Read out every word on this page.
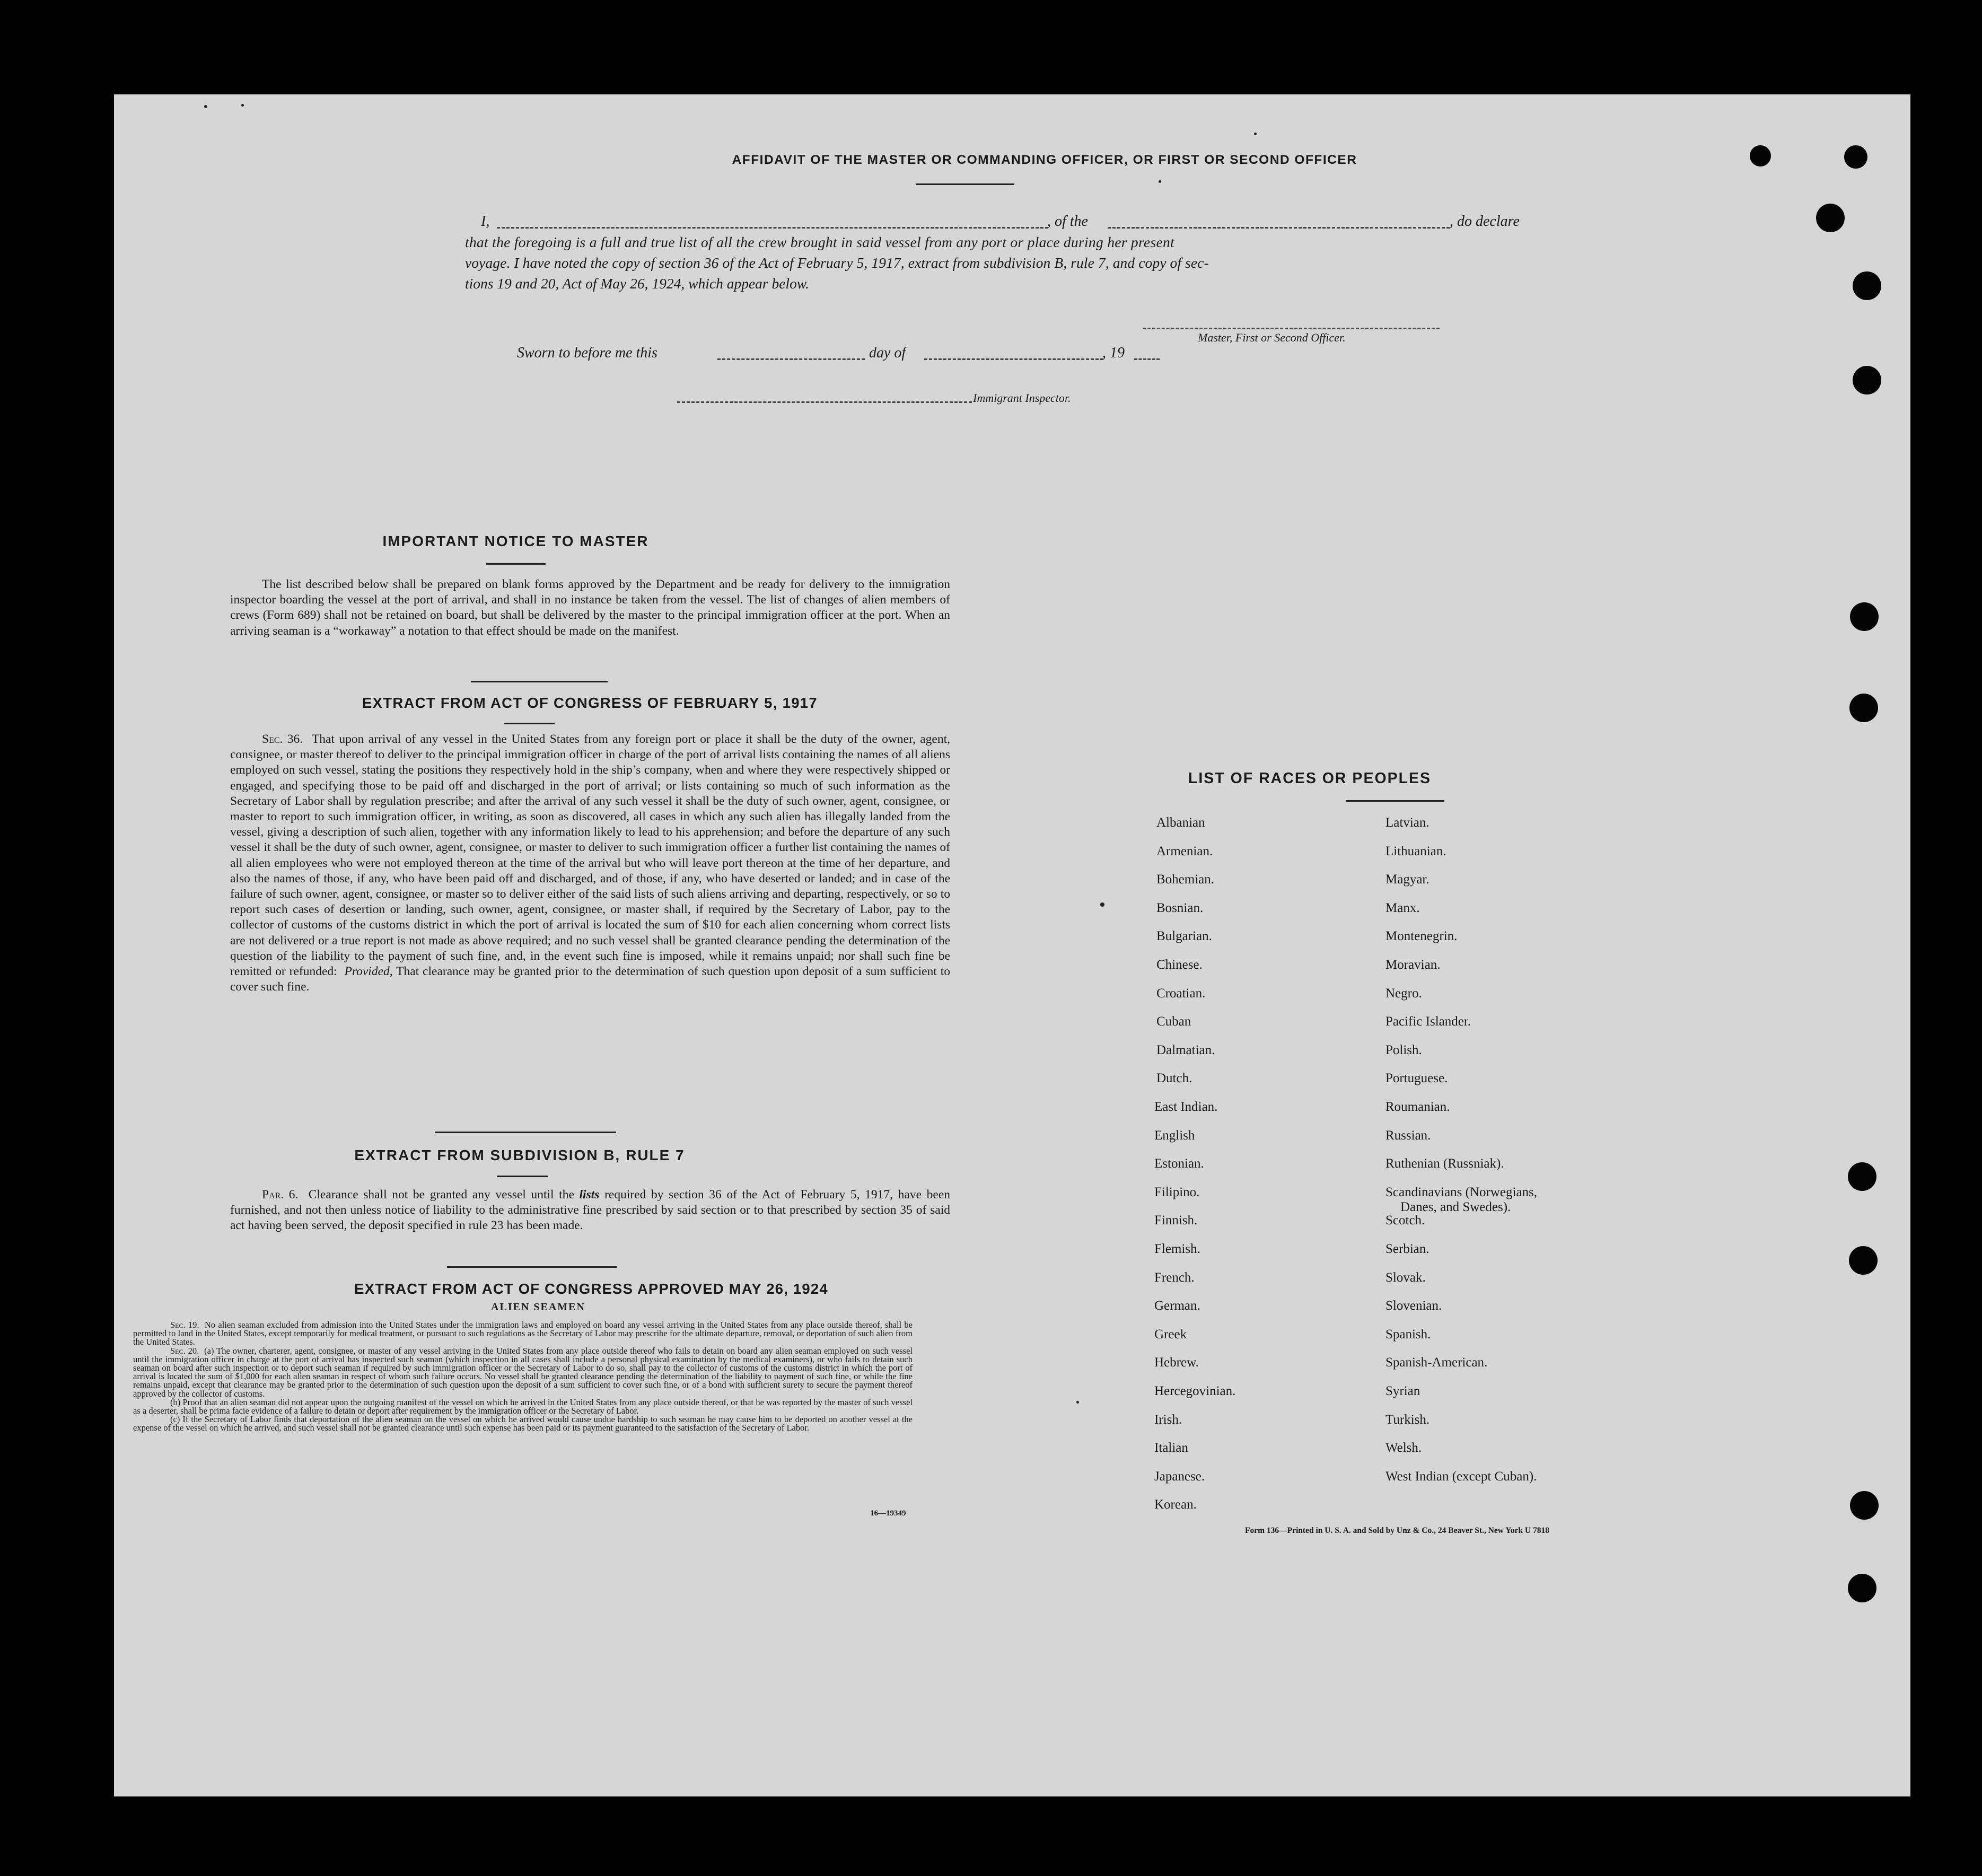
AFFIDAVIT OF THE MASTER OR COMMANDING OFFICER, OR FIRST OR SECOND OFFICER
I,	, of the	, do declare
that the foregoing is a full and true list of all the crew brought in said vessel from any port or place during her present
voyage. I have noted the copy of section 36 of the Act of February 5, 1917, extract from subdivision B, rule 7, and copy of sec-
tions 19 and 20, Act of May 26, 1924, which appear below.
Master, First or Second Officer.
Sworn to before me this	day of	, 19
Immigrant Inspector.
IMPORTANT NOTICE TO MASTER

The list described below shall be prepared on blank forms approved by the Department and be ready for delivery to the immigration inspector boarding the vessel at the port of arrival, and shall in no instance be taken from the vessel. The list of changes of alien members of crews (Form 689) shall not be retained on board, but shall be delivered by the master to the principal immigration officer at the port. When an arriving seaman is a “workaway” a notation to that effect should be made on the manifest.

EXTRACT FROM ACT OF CONGRESS OF FEBRUARY 5, 1917

Sec. 36. That upon arrival of any vessel in the United States from any foreign port or place it shall be the duty of the owner, agent, consignee, or master thereof to deliver to the principal immigration officer in charge of the port of arrival lists containing the names of all aliens employed on such vessel, stating the positions they respectively hold in the ship’s company, when and where they were respectively shipped or engaged, and specifying those to be paid off and discharged in the port of arrival; or lists containing so much of such information as the Secretary of Labor shall by regulation prescribe; and after the arrival of any such vessel it shall be the duty of such owner, agent, consignee, or master to report to such immigration officer, in writing, as soon as discovered, all cases in which any such alien has illegally landed from the vessel, giving a description of such alien, together with any information likely to lead to his apprehension; and before the departure of any such vessel it shall be the duty of such owner, agent, consignee, or master to deliver to such immigration officer a further list containing the names of all alien employees who were not employed thereon at the time of the arrival but who will leave port thereon at the time of her departure, and also the names of those, if any, who have been paid off and discharged, and of those, if any, who have deserted or landed; and in case of the failure of such owner, agent, consignee, or master so to deliver either of the said lists of such aliens arriving and departing, respectively, or so to report such cases of desertion or landing, such owner, agent, consignee, or master shall, if required by the Secretary of Labor, pay to the collector of customs of the customs district in which the port of arrival is located the sum of $10 for each alien concerning whom correct lists are not delivered or a true report is not made as above required; and no such vessel shall be granted clearance pending the determination of the question of the liability to the payment of such fine, and, in the event such fine is imposed, while it remains unpaid; nor shall such fine be remitted or refunded: Provided, That clearance may be granted prior to the determination of such question upon deposit of a sum sufficient to cover such fine.

EXTRACT FROM SUBDIVISION B, RULE 7

Par. 6. Clearance shall not be granted any vessel until the lists required by section 36 of the Act of February 5, 1917, have been furnished, and not then unless notice of liability to the administrative fine prescribed by said section or to that prescribed by section 35 of said act having been served, the deposit specified in rule 23 has been made.

EXTRACT FROM ACT OF CONGRESS APPROVED MAY 26, 1924
ALIEN SEAMEN

Sec. 19. No alien seaman excluded from admission into the United States under the immigration laws and employed on board any vessel arriving in the United States from any place outside thereof, shall be permitted to land in the United States, except temporarily for medical treatment, or pursuant to such regulations as the Secretary of Labor may prescribe for the ultimate departure, removal, or deportation of such alien from the United States.

Sec. 20. (a) The owner, charterer, agent, consignee, or master of any vessel arriving in the United States from any place outside thereof who fails to detain on board any alien seaman employed on such vessel until the immigration officer in charge at the port of arrival has inspected such seaman (which inspection in all cases shall include a personal physical examination by the medical examiners), or who fails to detain such seaman on board after such inspection or to deport such seaman if required by such immigration officer or the Secretary of Labor to do so, shall pay to the collector of customs of the customs district in which the port of arrival is located the sum of $1,000 for each alien seaman in respect of whom such failure occurs. No vessel shall be granted clearance pending the determination of the liability to payment of such fine, or while the fine remains unpaid, except that clearance may be granted prior to the determination of such question upon the deposit of a sum sufficient to cover such fine, or of a bond with sufficient surety to secure the payment thereof approved by the collector of customs.

(b) Proof that an alien seaman did not appear upon the outgoing manifest of the vessel on which he arrived in the United States from any place outside thereof, or that he was reported by the master of such vessel as a deserter, shall be prima facie evidence of a failure to detain or deport after requirement by the immigration officer or the Secretary of Labor.

(c) If the Secretary of Labor finds that deportation of the alien seaman on the vessel on which he arrived would cause undue hardship to such seaman he may cause him to be deported on another vessel at the expense of the vessel on which he arrived, and such vessel shall not be granted clearance until such expense has been paid or its payment guaranteed to the satisfaction of the Secretary of Labor.

16—19349
LIST OF RACES OR PEOPLES
Albanian
Armenian.
Bohemian.
Bosnian.
Bulgarian.
Chinese.
Croatian.
Cuban
Dalmatian.
Dutch.
East Indian.
English
Estonian.
Filipino.
Finnish.
Flemish.
French.
German.
Greek
Hebrew.
Hercegovinian.
Irish.
Italian
Japanese.
Korean.
Latvian.
Lithuanian.
Magyar.
Manx.
Montenegrin.
Moravian.
Negro.
Pacific Islander.
Polish.
Portuguese.
Roumanian.
Russian.
Ruthenian (Russniak).
Scandinavians (Norwegians,
Danes, and Swedes).
Scotch.
Serbian.
Slovak.
Slovenian.
Spanish.
Spanish-American.
Syrian
Turkish.
Welsh.
West Indian (except Cuban).
Form 136—Printed in U. S. A. and Sold by Unz & Co., 24 Beaver St., New York U 7818
